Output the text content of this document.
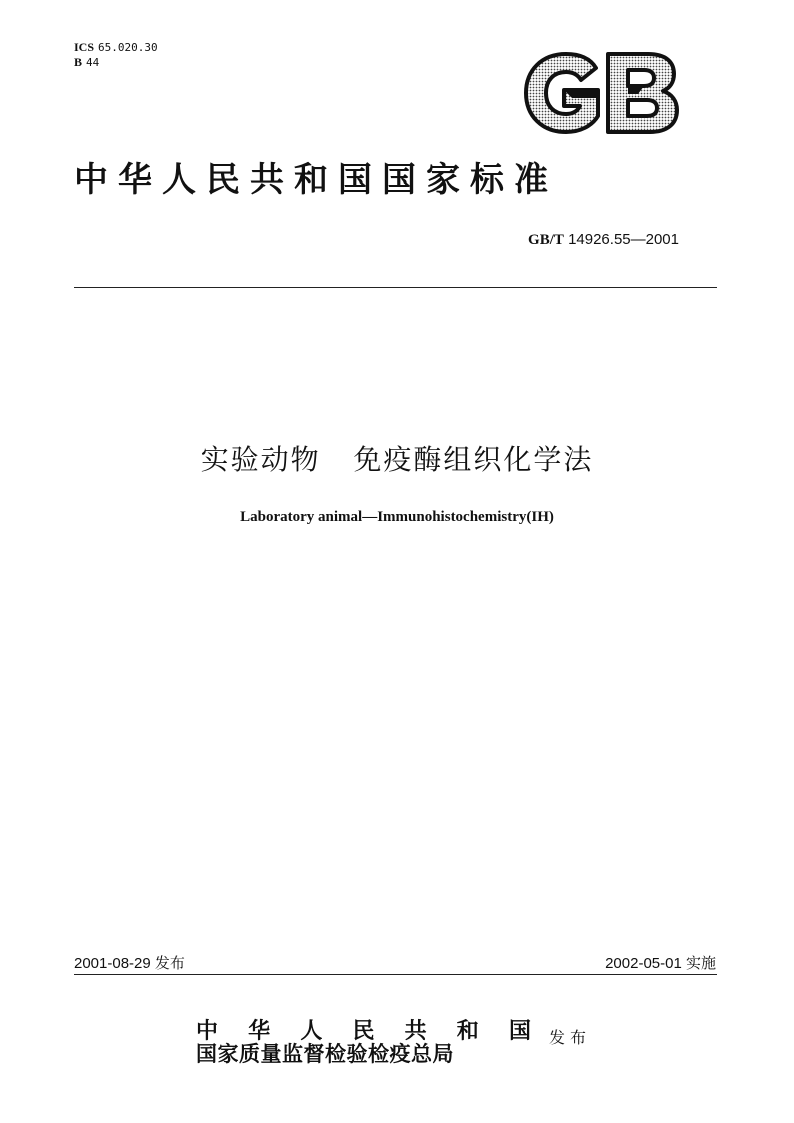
ICS 65.020.30
B 44
中华人民共和国国家标准
GB/T 14926.55—2001
实验动物   免疫酶组织化学法
Laboratory animal—Immunohistochemistry(IH)
2001-08-29 发布	2002-05-01 实施
中 华 人 民 共 和 国
国家质量监督检验检疫总局
发布
